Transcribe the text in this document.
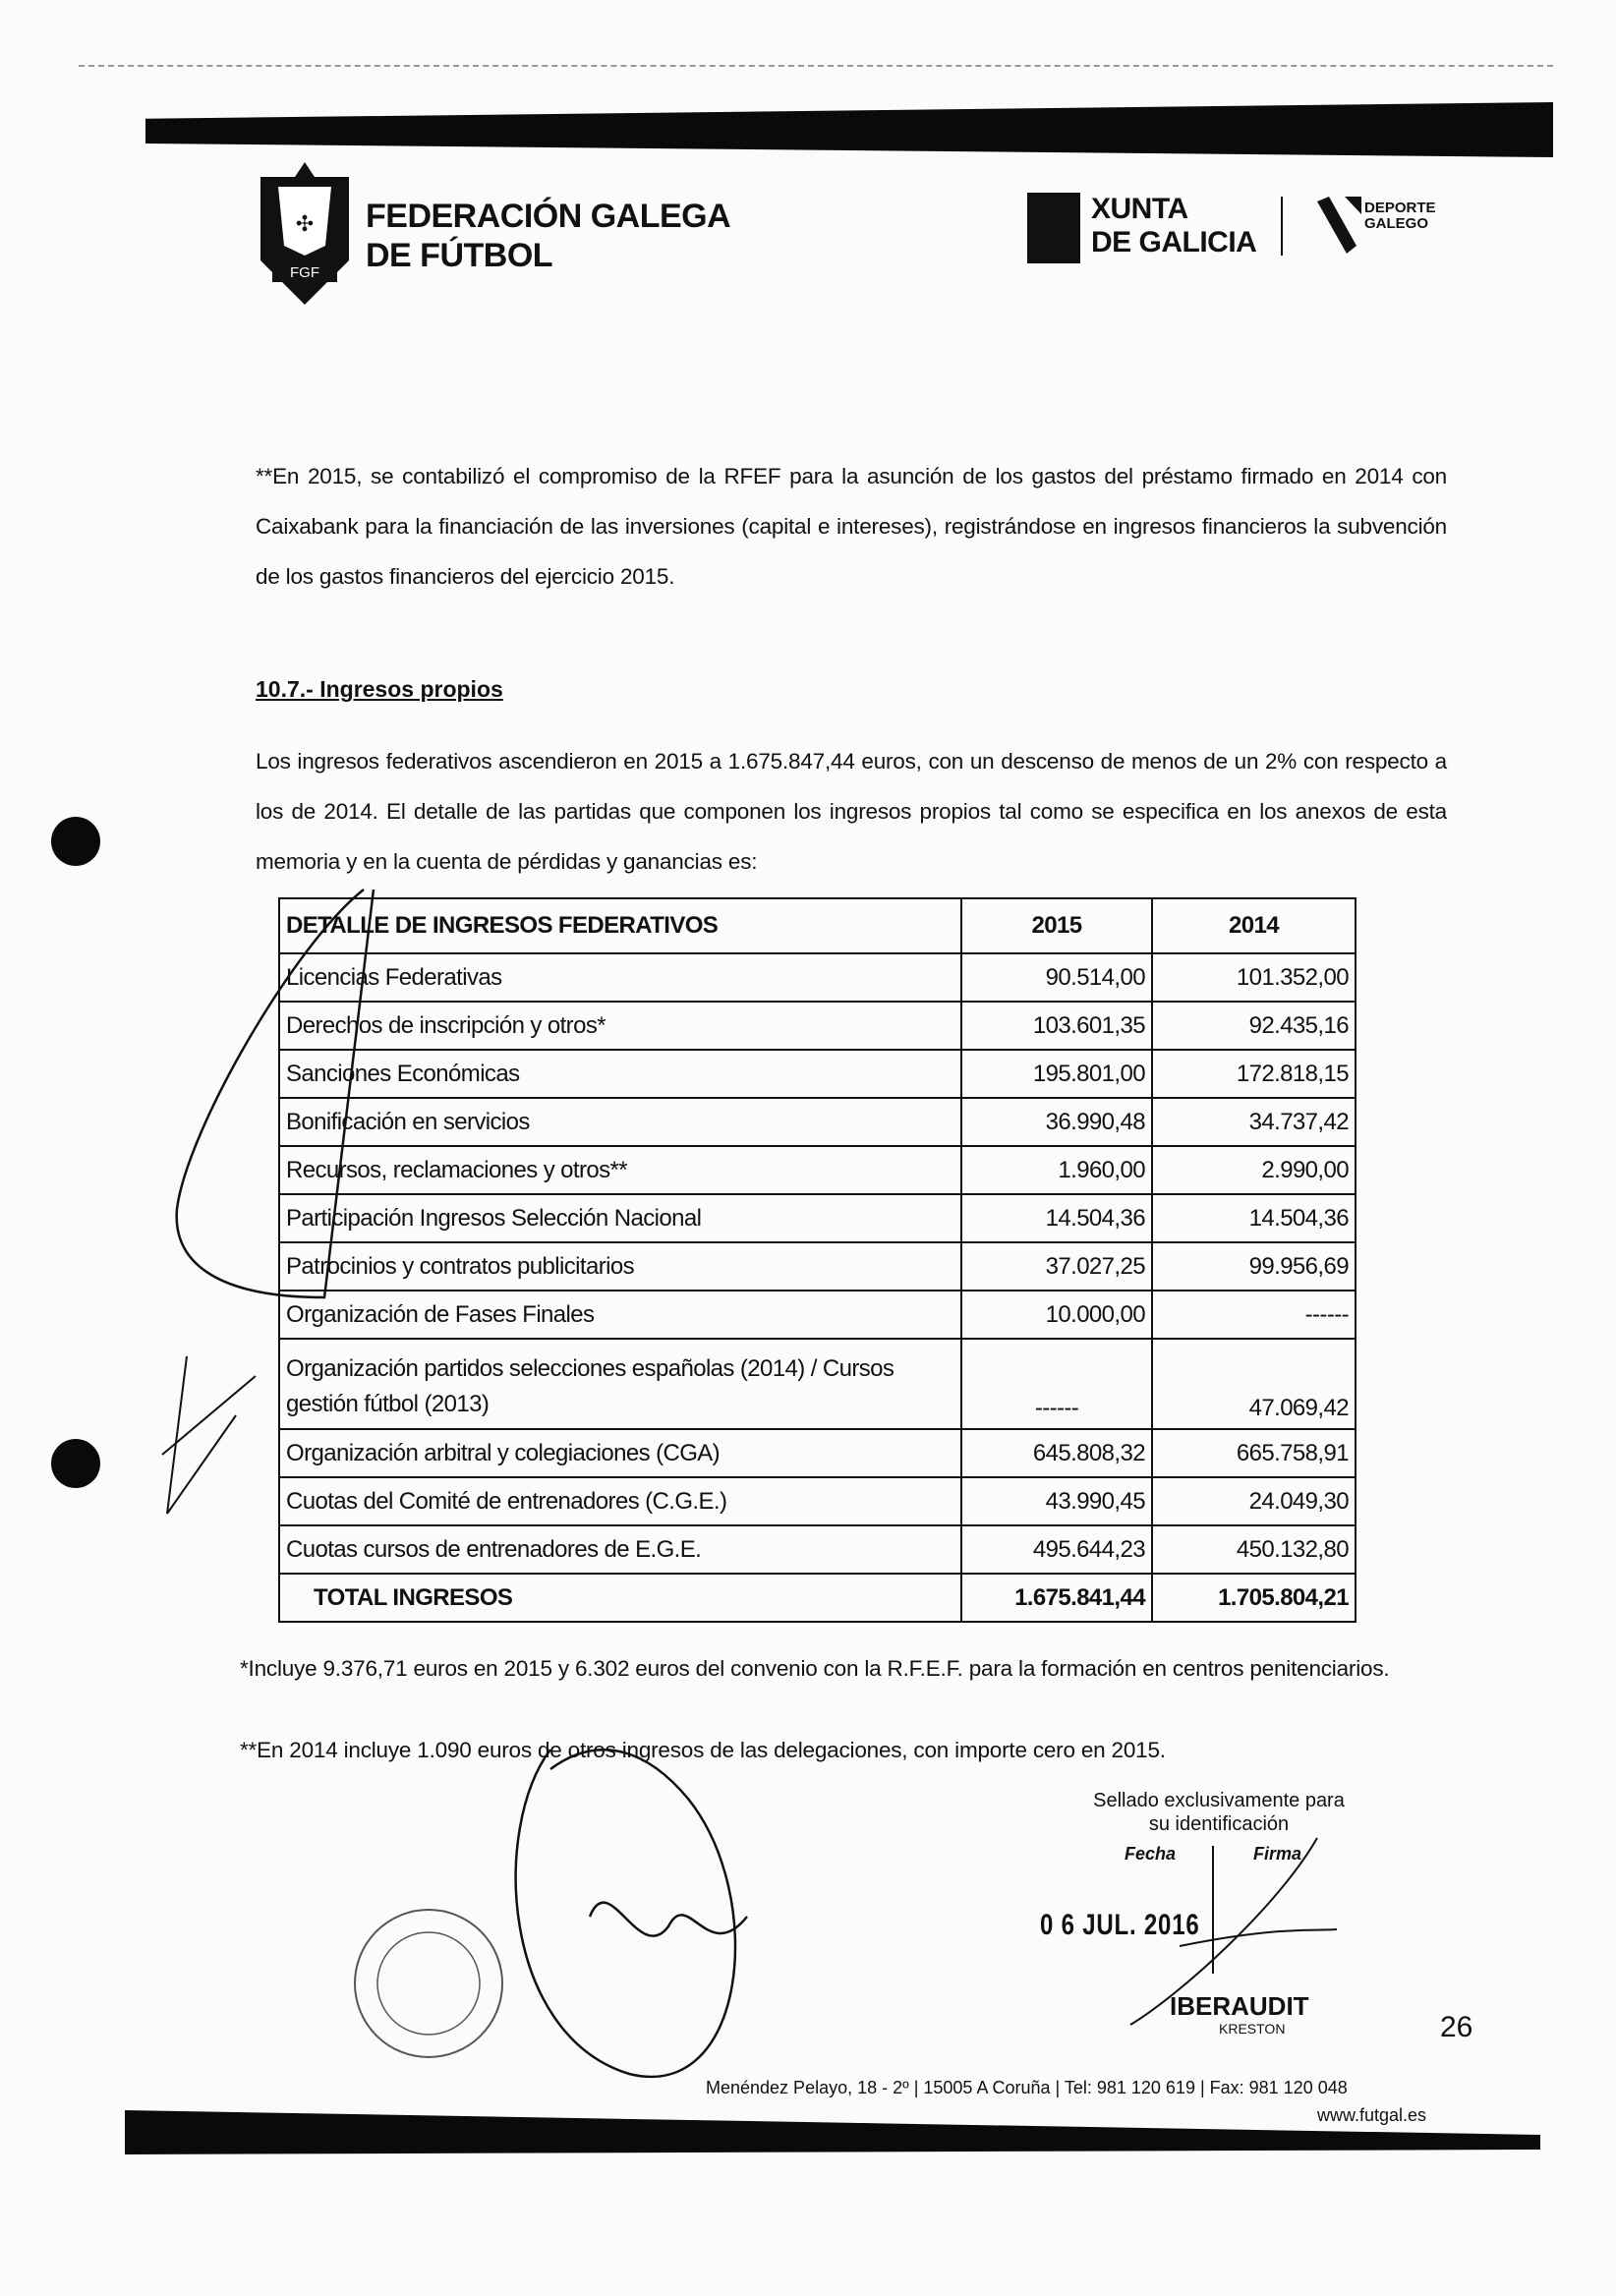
✣
FGF
FEDERACIÓN GALEGA
DE FÚTBOL
XUNTA
DE GALICIA
DEPORTE
GALEGO
**En 2015, se contabilizó el compromiso de la RFEF para la asunción de los gastos del préstamo firmado en 2014 con Caixabank para la financiación de las inversiones (capital e intereses), registrándose en ingresos financieros la subvención de los gastos financieros del ejercicio 2015.
10.7.- Ingresos propios
Los ingresos federativos ascendieron en 2015 a 1.675.847,44 euros, con un descenso de menos de un 2% con respecto a los de 2014. El detalle de las partidas que componen los ingresos propios tal como se especifica en los anexos de esta memoria y en la cuenta de pérdidas y ganancias es:
DETALLE DE INGRESOS FEDERATIVOS	2015	2014
Licencias Federativas	90.514,00	101.352,00
Derechos de inscripción y otros*	103.601,35	92.435,16
Sanciones Económicas	195.801,00	172.818,15
Bonificación en servicios	36.990,48	34.737,42
Recursos, reclamaciones y otros**	1.960,00	2.990,00
Participación Ingresos Selección Nacional	14.504,36	14.504,36
Patrocinios y contratos publicitarios	37.027,25	99.956,69
Organización de Fases Finales	10.000,00	------
Organización partidos selecciones españolas (2014) / Cursos gestión fútbol (2013)	------	47.069,42
Organización arbitral y colegiaciones (CGA)	645.808,32	665.758,91
Cuotas del Comité de entrenadores (C.G.E.)	43.990,45	24.049,30
Cuotas cursos de entrenadores de E.G.E.	495.644,23	450.132,80
TOTAL INGRESOS	1.675.841,44	1.705.804,21
*Incluye 9.376,71 euros en 2015 y 6.302 euros del convenio con la R.F.E.F. para la formación en centros penitenciarios.
**En 2014 incluye 1.090 euros de otros ingresos de las delegaciones, con importe cero en 2015.
Sellado exclusivamente para su identificación
Fecha	Firma
0 6 JUL. 2016
IBERAUDIT
KRESTON	26
Menéndez Pelayo, 18 - 2º | 15005 A Coruña | Tel: 981 120 619 | Fax: 981 120 048
www.futgal.es
